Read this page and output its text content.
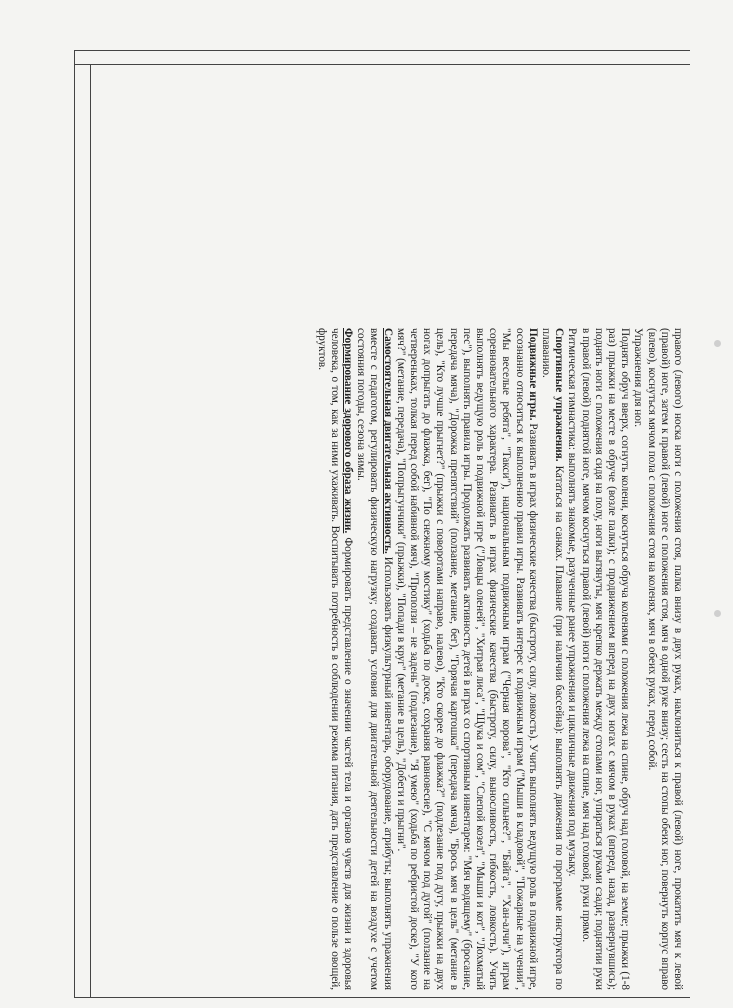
правого (левого) носка ноги с положения стоя, палка внизу в двух руках, наклониться к правой (левой) ноге, прокатить мяч к левой (правой) ноге, затем к правой (левой) ноге с положения стоя, мяч в одной руке внизу; сесть на стопы обеих ног, повернуть корпус вправо (влево), коснуться мячом пола с положения стоя на коленях, мяч в обеих руках, перед собой.

Упражнения для ног.

Поднять обруч вверх, согнуть колени, коснуться обруча коленями с положения лежа на спине, обруч над головой, на земле; прыжки (1-8 раз) прыжки на месте в обруче (возле палки); с продвижением вперед на двух ногах с мячом в руках (вперед, назад, развернувшись); поднять ноги с положения сидя на полу, ноги вытянуты, мяч крепко держать между стопами ног, упираться руками сзади; поднятии руки в правой (левой) поднятой ноге, мячом коснуться правой (левой) ноги с положения лежа на спине, мяч над головой, руки прямо.

Ритмическая гимнастика: выполнять знакомые, разученные ранее упражнения и цикличные движения под музыку.

Спортивные упражнения. Кататься на санках. Плавание (при наличии бассейна): выполнять движения по программе инструктора по плаванию.

Подвижные игры. Развивать в играх физические качества (быстроту, силу, ловкость). Учить выполнять ведущую роль в подвижной игре, осознанно относиться к выполнению правил игры. Развивать интерес к подвижным играм ("Мыши в кладовой", "Пожарные на учении", "Мы веселые ребята", "Такси"), национальным подвижным играм ("Черная корова", "Кто сильнее?", "Байга", "Хан-алчи"), играм соревновательного характера. Развивать в играх физические качества (быстроту, силу, выносливость, гибкость, ловкость). Учить выполнять ведущую роль в подвижной игре ("Ловцы оленей", "Хитрая лиса", "Щука и сом", "Слепой козел", "Мыши и кот", "Лохматый пес"), выполнять правила игры. Продолжать развивать активность детей в играх со спортивным инвентарем: "Мяч водящему" (бросание, передача мяча), "Дорожка препятствий" (ползание, метание, бег), "Горячая картошка" (передача мяча), "Брось мяч в цель" (метание в цель), "Кто лучше прыгнет?" (прыжки с поворотами направо, налево), "Кто скорее до флажка?" (подлезание под дугу, прыжки на двух ногах допрыгать до флажка, бег), "По снежному мостику" (ходьба по доске, сохраняя равновесие), "С мячом под дугой" (ползание на четвереньках, толкая перед собой набивной мяч), "Проползи – не задень" (подлезание), "Я умею" (ходьба по ребристой доске), "У кого мяч?" (метание, передача), "Попрыгунчики" (прыжки), "Попади в круг" (метание в цель), "Добеги и прыгни".

Самостоятельная двигательная активность. Использовать физкультурный инвентарь, оборудование, атрибуты; выполнять упражнения вместе с педагогом, регулировать физическую нагрузку; создавать условия для двигательной деятельности детей на воздухе с учетом состояния погоды, сезона зимы.

Формирование здорового образа жизни. Формировать представление о значении частей тела и органов чувств для жизни и здоровья человека, о том, как за ними ухаживать. Воспитывать потребность в соблюдении режима питания, дать представление о пользе овощей, фруктов.
